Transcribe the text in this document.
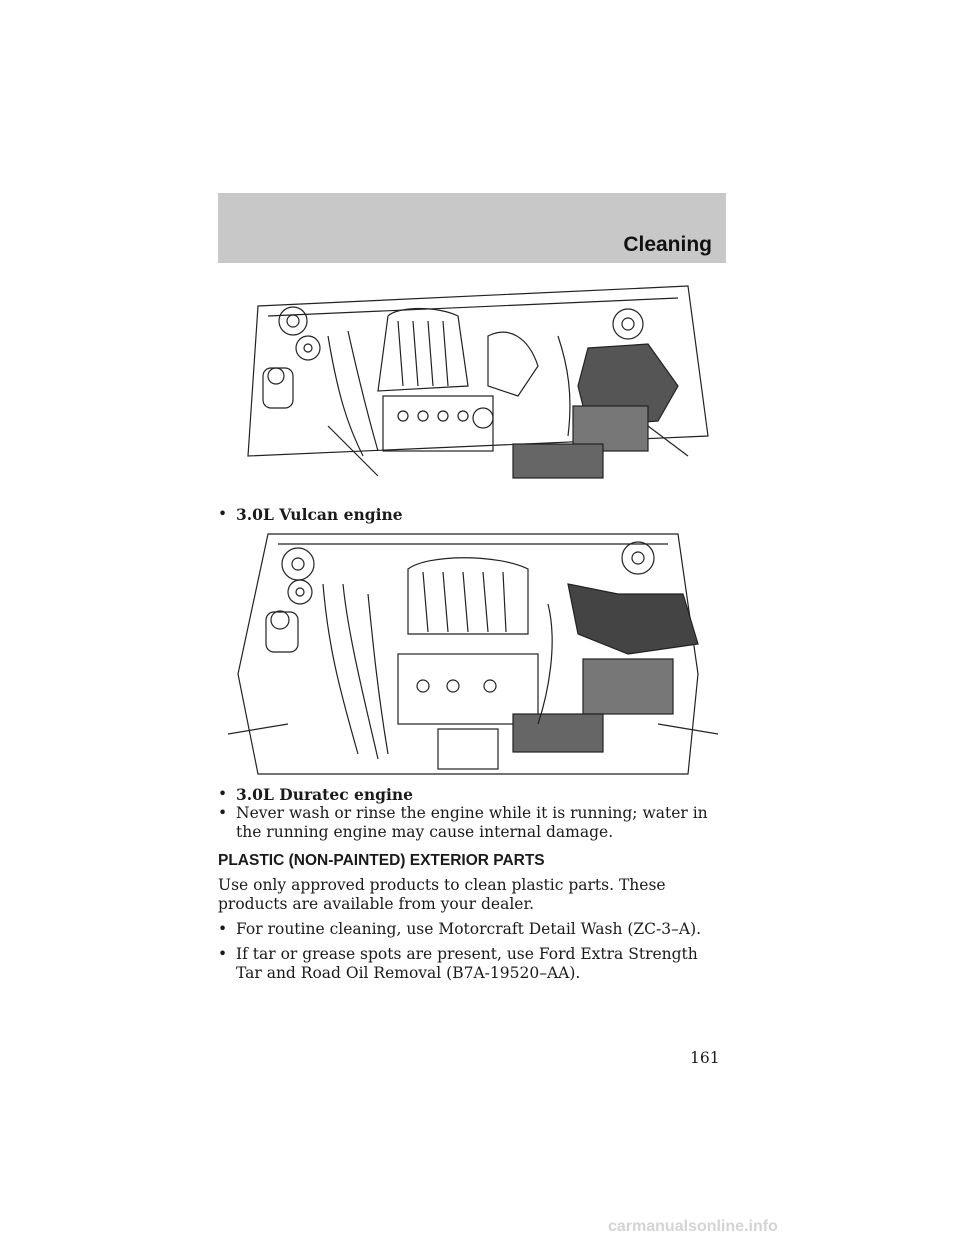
Cleaning
• 3.0L Vulcan engine
• 3.0L Duratec engine
• Never wash or rinse the engine while it is running; water in the running engine may cause internal damage.

PLASTIC (NON-PAINTED) EXTERIOR PARTS

Use only approved products to clean plastic parts. These products are available from your dealer.

• For routine cleaning, use Motorcraft Detail Wash (ZC-3–A).
• If tar or grease spots are present, use Ford Extra Strength Tar and Road Oil Removal (B7A-19520–AA).
161
carmanualsonline.info
